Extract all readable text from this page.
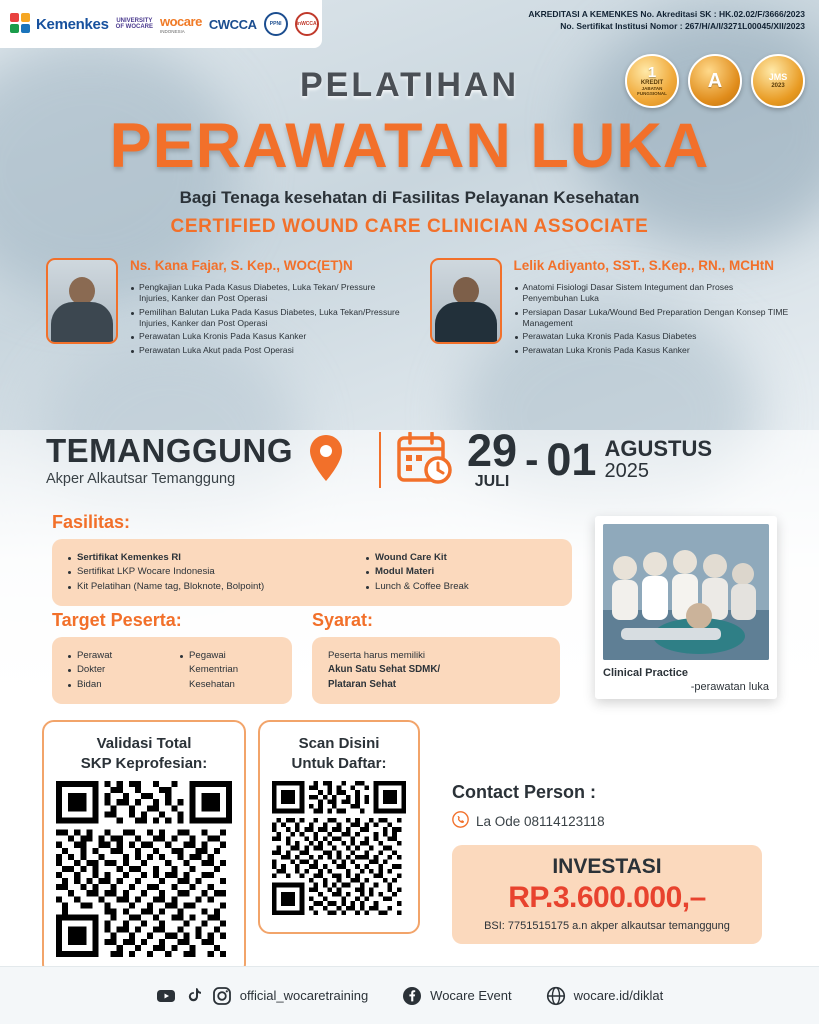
Kemenkes UNIVERSITY
OF WOCARE wocare
INDONESIA	CWCCA	PPNI	InWCCA
AKREDITASI A KEMENKES No. Akreditasi SK : HK.02.02/F/3666/2023
No. Sertifikat Institusi Nomor : 267/H/A/I/3271L00045/XII/2023
1
KREDIT
JABATAN FUNGSIONAL
A	JMS
2023
PELATIHAN
PERAWATAN LUKA
Bagi Tenaga kesehatan di Fasilitas Pelayanan Kesehatan
CERTIFIED WOUND CARE CLINICIAN ASSOCIATE
Ns. Kana Fajar, S. Kep., WOC(ET)N
Pengkajian Luka Pada Kasus Diabetes, Luka Tekan/ Pressure Injuries, Kanker dan Post Operasi
Pemilihan Balutan Luka Pada Kasus Diabetes, Luka Tekan/Pressure Injuries, Kanker dan Post Operasi
Perawatan Luka Kronis Pada Kasus Kanker
Perawatan Luka Akut pada Post Operasi
Lelik Adiyanto, SST., S.Kep., RN., MCHtN
Anatomi Fisiologi Dasar Sistem Integument dan Proses Penyembuhan Luka
Persiapan Dasar Luka/Wound Bed Preparation Dengan Konsep TIME Management
Perawatan Luka Kronis Pada Kasus Diabetes
Perawatan Luka Kronis Pada Kasus Kanker
TEMANGGUNG
Akper Alkautsar Temanggung
29
JULI - 01 AGUSTUS
2025
Fasilitas:
Sertifikat Kemenkes RI
Sertifikat LKP Wocare Indonesia
Kit Pelatihan (Name tag, Bloknote, Bolpoint)
Wound Care Kit
Modul Materi
Lunch & Coffee Break
Target Peserta:
Perawat
Dokter
Bidan
Pegawai Kementrian Kesehatan
Syarat:
Peserta harus memiliki
Akun Satu Sehat SDMK/
Plataran Sehat
Clinical Practice
-perawatan luka
Validasi Total
SKP Keprofesian:
Scan Disini
Untuk Daftar:
Contact Person :
La Ode 08114123118
INVESTASI
RP.3.600.000,–
BSI: 7751515175 a.n akper alkautsar temanggung
official_wocaretraining	Wocare Event	wocare.id/diklat
